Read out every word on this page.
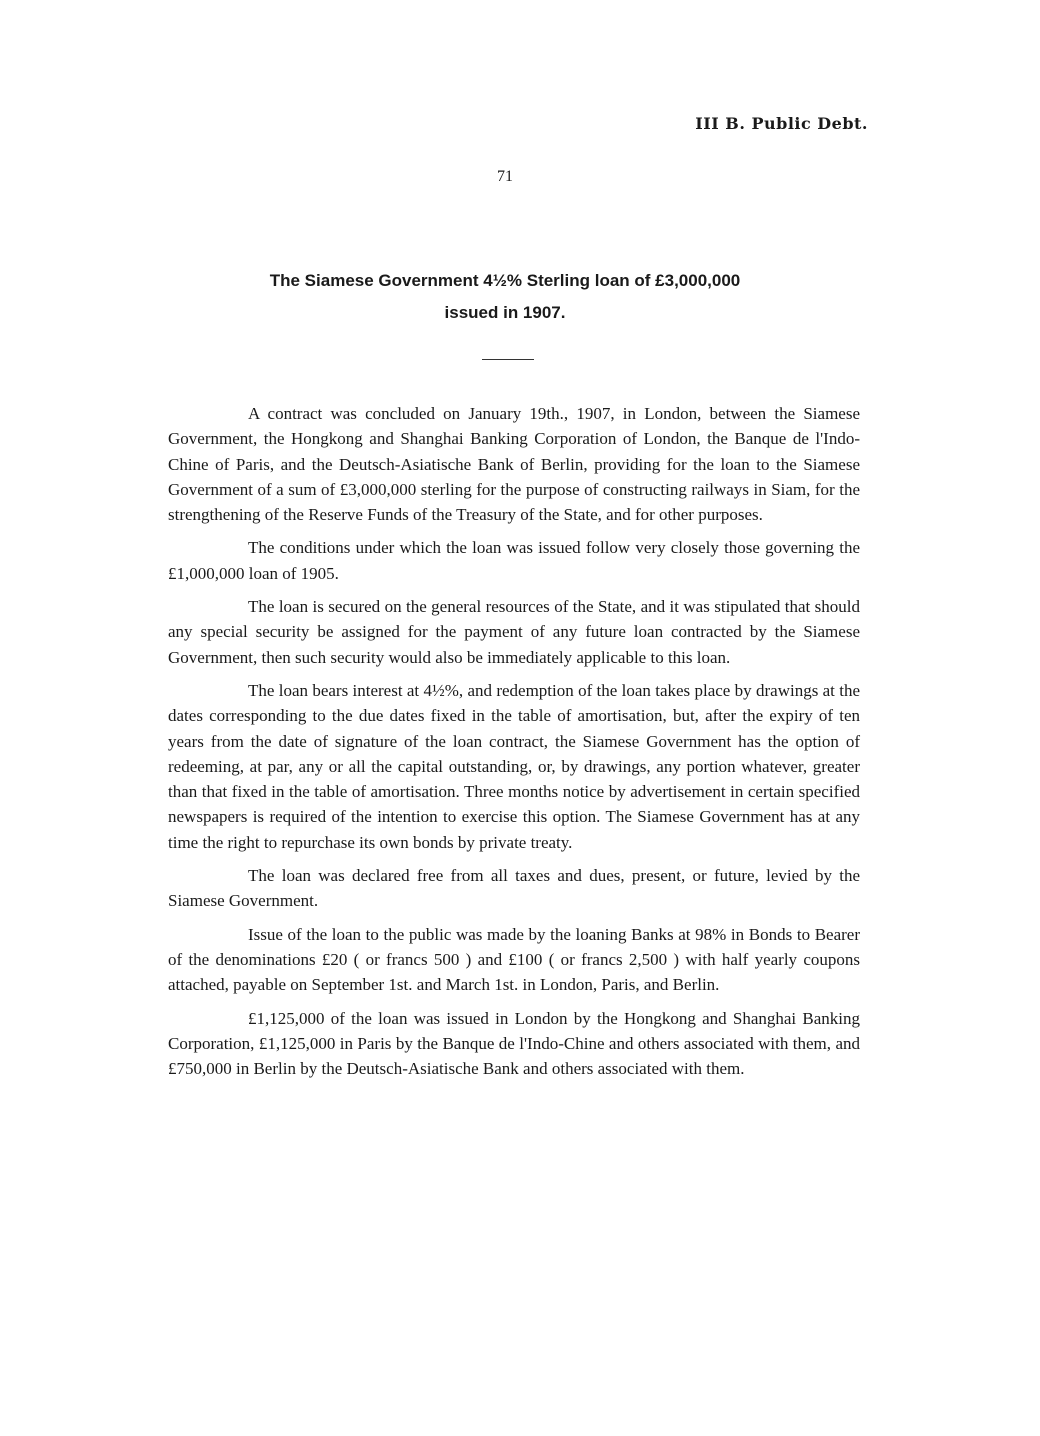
III B. Public Debt.
71
The Siamese Government 4½% Sterling loan of £3,000,000
issued in 1907.

A contract was concluded on January 19th., 1907, in London, between the Siamese Government, the Hongkong and Shanghai Banking Corporation of London, the Banque de l'Indo-Chine of Paris, and the Deutsch-Asiatische Bank of Berlin, providing for the loan to the Siamese Government of a sum of £3,000,000 sterling for the purpose of constructing railways in Siam, for the strengthening of the Reserve Funds of the Treasury of the State, and for other purposes.

The conditions under which the loan was issued follow very closely those governing the £1,000,000 loan of 1905.

The loan is secured on the general resources of the State, and it was stipulated that should any special security be assigned for the payment of any future loan contracted by the Siamese Government, then such security would also be immediately applicable to this loan.

The loan bears interest at 4½%, and redemption of the loan takes place by drawings at the dates corresponding to the due dates fixed in the table of amortisation, but, after the expiry of ten years from the date of signature of the loan contract, the Siamese Government has the option of redeeming, at par, any or all the capital outstanding, or, by drawings, any portion whatever, greater than that fixed in the table of amortisation. Three months notice by advertisement in certain specified newspapers is required of the intention to exercise this option. The Siamese Government has at any time the right to repurchase its own bonds by private treaty.

The loan was declared free from all taxes and dues, present, or future, levied by the Siamese Government.

Issue of the loan to the public was made by the loaning Banks at 98% in Bonds to Bearer of the denominations £20 ( or francs 500 ) and £100 ( or francs 2,500 ) with half yearly coupons attached, payable on September 1st. and March 1st. in London, Paris, and Berlin.

£1,125,000 of the loan was issued in London by the Hongkong and Shanghai Banking Corporation, £1,125,000 in Paris by the Banque de l'Indo-Chine and others associated with them, and £750,000 in Berlin by the Deutsch-Asiatische Bank and others associated with them.
